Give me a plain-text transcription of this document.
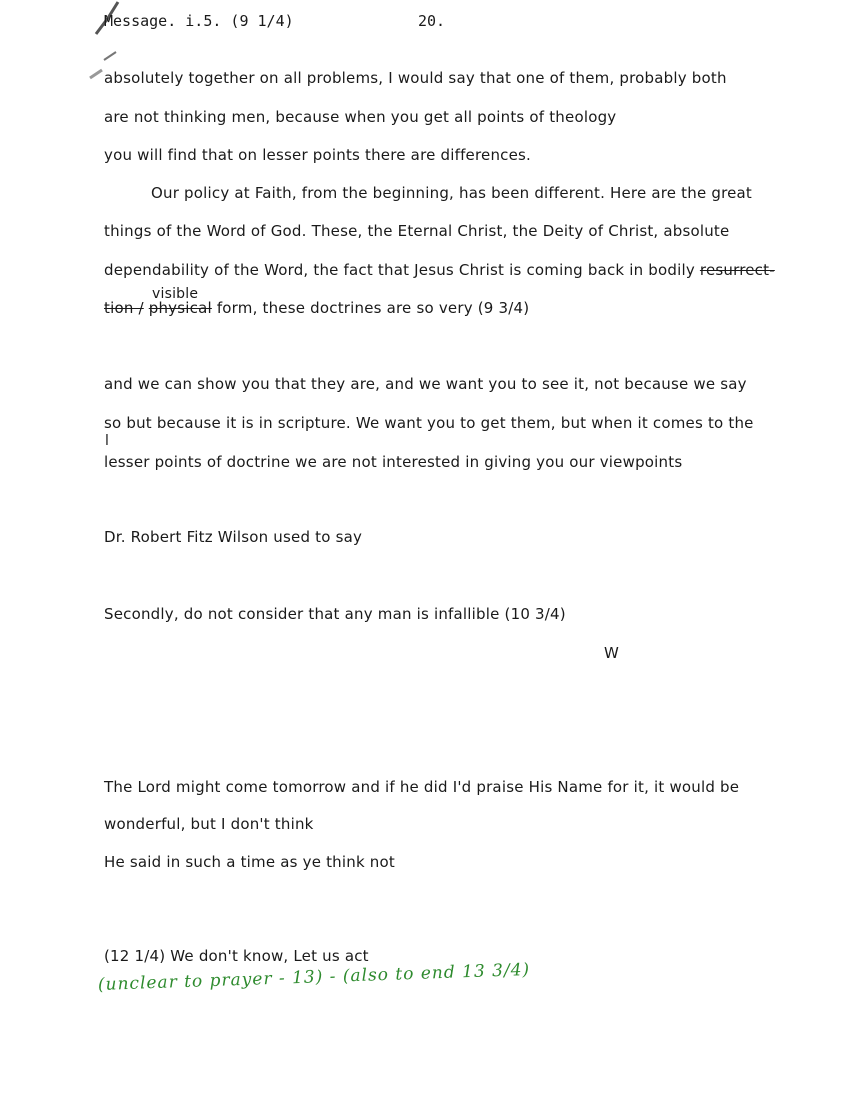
Message. i.5. (9 1/4)	20.
absolutely together on all problems, I would say that one of them, probably both
are not thinking men, because when you get all points of theology
you will find that on lesser points there are differences.
Our policy at Faith, from the beginning, has been different. Here are the great
things of the Word of God. These, the Eternal Christ, the Deity of Christ, absolute
dependability of the Word, the fact that Jesus Christ is coming back in bodily resurrect-
visible
tion / physical form, these doctrines are so very (9 3/4)
and we can show you that they are, and we want you to see it, not because we say
so but because it is in scripture. We want you to get them, but when it comes to the
l
lesser points of doctrine we are not interested in giving you our viewpoints
Dr. Robert Fitz Wilson used to say
Secondly, do not consider that any man is infallible (10 3/4)
W
The Lord might come tomorrow and if he did I'd praise His Name for it, it would be
wonderful, but I don't think
He said in such a time as ye think not
(12 1/4) We don't know, Let us act
(unclear to prayer - 13) - (also to end 13 3/4)
